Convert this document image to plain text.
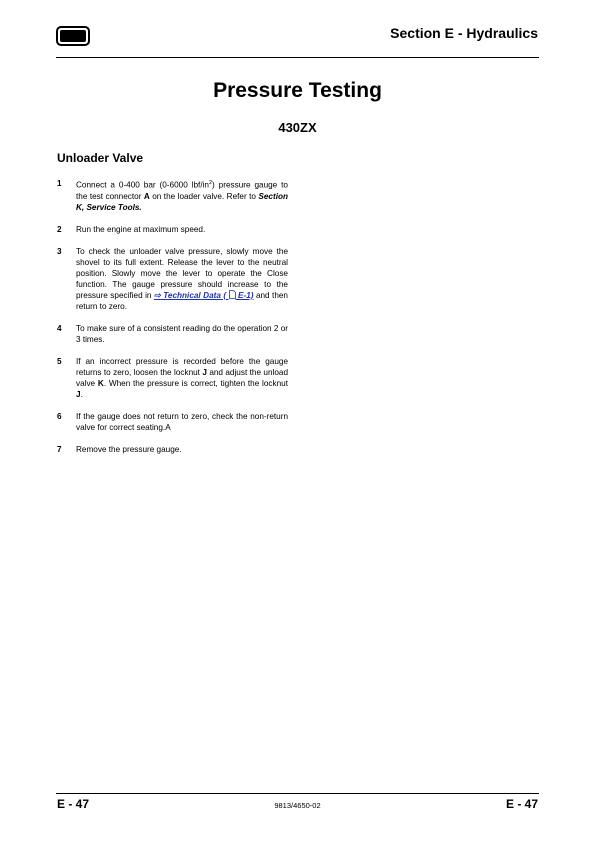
Section E - Hydraulics
Pressure Testing
430ZX
Unloader Valve
1	Connect a 0-400 bar (0-6000 lbf/$in^2$) pressure gauge to the test connector A on the loader valve. Refer to Section K, Service Tools.
2	Run the engine at maximum speed.
3	To check the unloader valve pressure, slowly move the shovel to its full extent. Release the lever to the neutral position. Slowly move the lever to operate the Close function. The gauge pressure should increase to the pressure specified in ⇨ Technical Data (  E-1) and then return to zero.
4	To make sure of a consistent reading do the operation 2 or 3 times.
5	If an incorrect pressure is recorded before the gauge returns to zero, loosen the locknut J and adjust the unload valve K. When the pressure is correct, tighten the locknut J.
6	If the gauge does not return to zero, check the non-return valve for correct seating.A
7	Remove the pressure gauge.
E - 47	9813/4650-02	E - 47
